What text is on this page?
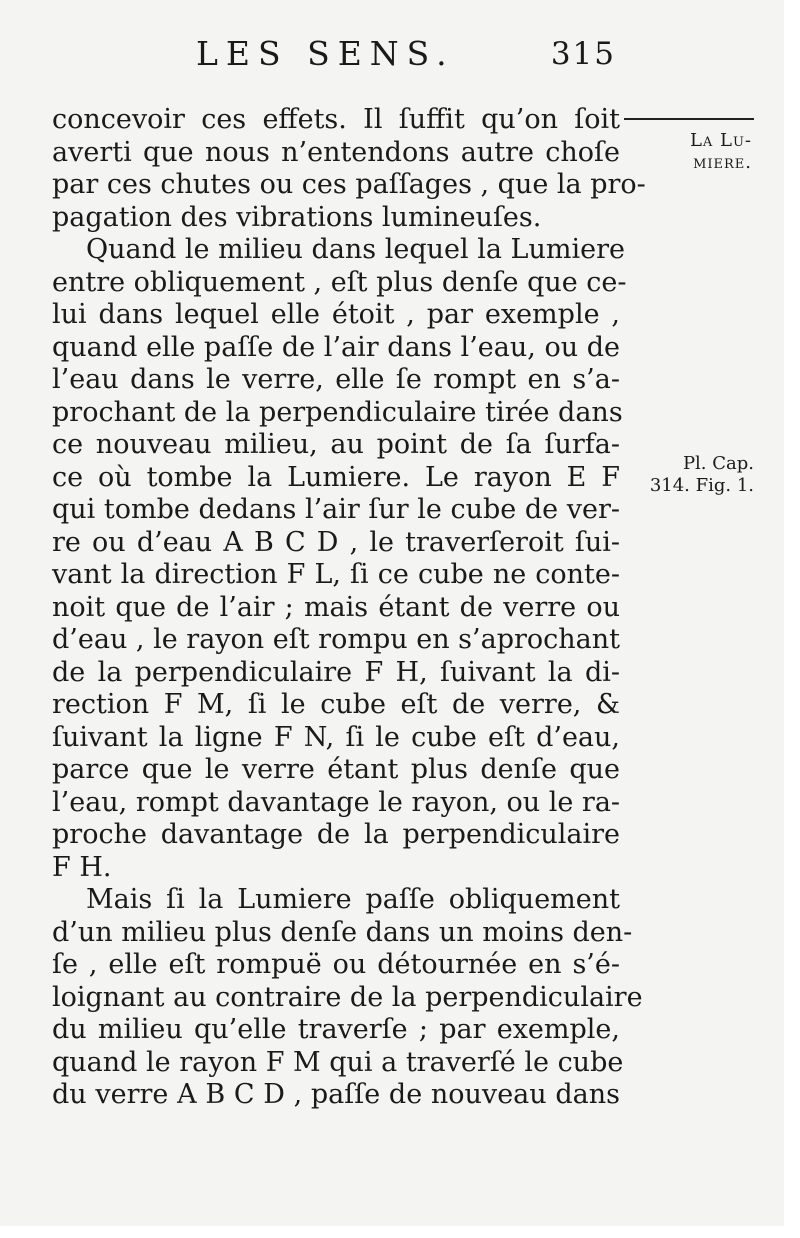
LES SENS.	315
La Lu-
miere.
Pl. Cap.
314. Fig. 1.
concevoir ces effets. Il ſuffit qu’on ſoit
averti que nous n’entendons autre choſe
par ces chutes ou ces paſſages , que la pro-
pagation des vibrations lumineuſes.
Quand le milieu dans lequel la Lumiere
entre obliquement , eſt plus denſe que ce-
lui dans lequel elle étoit , par exemple ,
quand elle paſſe de l’air dans l’eau, ou de
l’eau dans le verre, elle ſe rompt en s’a-
prochant de la perpendiculaire tirée dans
ce nouveau milieu, au point de ſa ſurfa-
ce où tombe la Lumiere. Le rayon E F
qui tombe dedans l’air ſur le cube de ver-
re ou d’eau A B C D , le traverſeroit ſui-
vant la direction F L, ſi ce cube ne conte-
noit que de l’air ; mais étant de verre ou
d’eau , le rayon eſt rompu en s’aprochant
de la perpendiculaire F H, ſuivant la di-
rection F M, ſi le cube eſt de verre, &
ſuivant la ligne F N, ſi le cube eſt d’eau,
parce que le verre étant plus denſe que
l’eau, rompt davantage le rayon, ou le ra-
proche davantage de la perpendiculaire
F H.
Mais ſi la Lumiere paſſe obliquement
d’un milieu plus denſe dans un moins den-
ſe , elle eſt rompuë ou détournée en s’é-
loignant au contraire de la perpendiculaire
du milieu qu’elle traverſe ; par exemple,
quand le rayon F M qui a traverſé le cube
du verre A B C D , paſſe de nouveau dans
